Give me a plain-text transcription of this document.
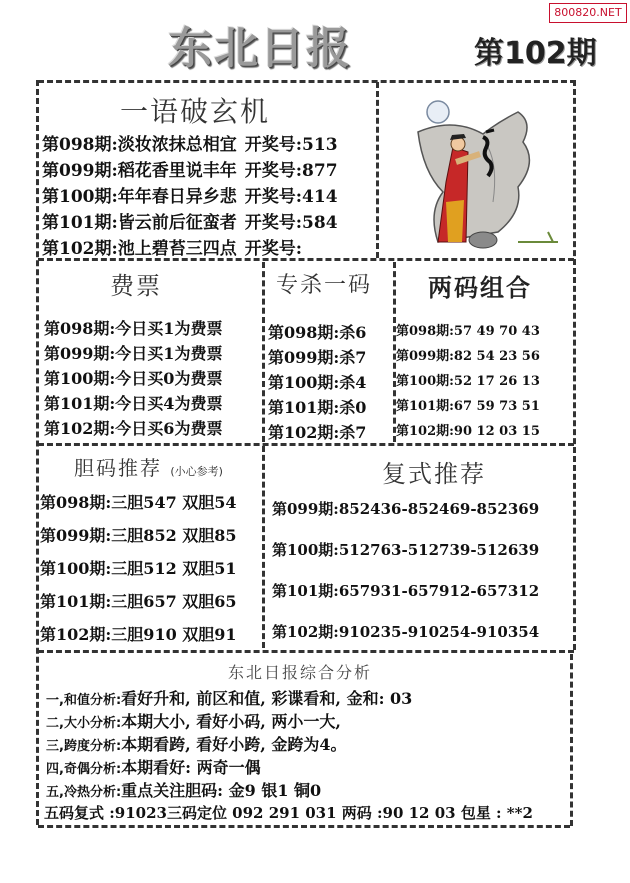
800820.NET
东北日报	第102期
一语破玄机
第098期:淡妆浓抹总相宜 开奖号:513
第099期:稻花香里说丰年 开奖号:877
第100期:年年春日异乡悲 开奖号:414
第101期:皆云前后征蛮者 开奖号:584
第102期:池上碧苔三四点 开奖号:
费票
第098期:今日买1为费票
第099期:今日买1为费票
第100期:今日买0为费票
第101期:今日买4为费票
第102期:今日买6为费票
专杀一码
第098期:杀6
第099期:杀7
第100期:杀4
第101期:杀0
第102期:杀7
两码组合
第098期:57 49 70 43
第099期:82 54 23 56
第100期:52 17 26 13
第101期:67 59 73 51
第102期:90 12 03 15
胆码推荐 (小心参考)
第098期:三胆547 双胆54
第099期:三胆852 双胆85
第100期:三胆512 双胆51
第101期:三胆657 双胆65
第102期:三胆910 双胆91
复式推荐
第099期:852436-852469-852369
第100期:512763-512739-512639
第101期:657931-657912-657312
第102期:910235-910254-910354
东北日报综合分析
一,和值分析:看好升和, 前区和值, 彩谍看和, 金和: 03
二,大小分析:本期大小, 看好小码, 两小一大,
三,跨度分析:本期看跨, 看好小跨, 金跨为4。
四,奇偶分析:本期看好: 两奇一偶
五,冷热分析:重点关注胆码: 金9 银1 铜0
五码复式 :91023三码定位 092 291 031 两码 :90 12 03 包星 : **2
